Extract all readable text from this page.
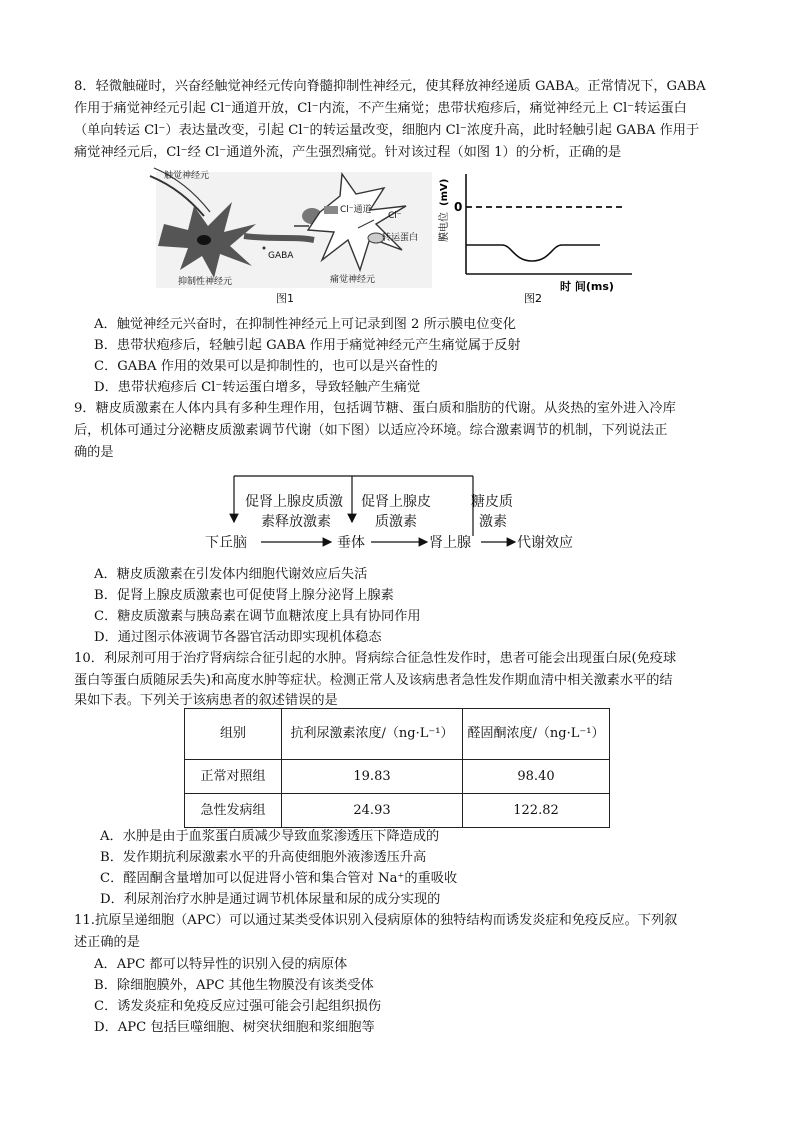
8．轻微触碰时，兴奋经触觉神经元传向脊髓抑制性神经元，使其释放神经递质 GABA。正常情况下，GABA

作用于痛觉神经元引起 Cl⁻通道开放，Cl⁻内流，不产生痛觉；患带状疱疹后，痛觉神经元上 Cl⁻转运蛋白

（单向转运 Cl⁻）表达量改变，引起 Cl⁻的转运量改变，细胞内 Cl⁻浓度升高，此时轻触引起 GABA 作用于

痛觉神经元后，Cl⁻经 Cl⁻通道外流，产生强烈痛觉。针对该过程（如图 1）的分析，正确的是

触觉神经元
抑制性神经元
GABA
Cl⁻通道
Cl⁻
转运蛋白
痛觉神经元
图1
0
膜电位
(mV)
时 间(ms)
图2

A．触觉神经元兴奋时，在抑制性神经元上可记录到图 2 所示膜电位变化

B．患带状疱疹后，轻触引起 GABA 作用于痛觉神经元产生痛觉属于反射

C．GABA 作用的效果可以是抑制性的，也可以是兴奋性的

D．患带状疱疹后 Cl⁻转运蛋白增多，导致轻触产生痛觉

9．糖皮质激素在人体内具有多种生理作用，包括调节糖、蛋白质和脂肪的代谢。从炎热的室外进入冷库

后，机体可通过分泌糖皮质激素调节代谢（如下图）以适应冷环境。综合激素调节的机制，下列说法正

确的是

下丘脑	垂体	肾上腺	代谢效应
促肾上腺皮质激
素释放激素
促肾上腺皮
质激素
糖皮质
激素

A．糖皮质激素在引发体内细胞代谢效应后失活

B．促肾上腺皮质激素也可促使肾上腺分泌肾上腺素

C．糖皮质激素与胰岛素在调节血糖浓度上具有协同作用

D．通过图示体液调节各器官活动即实现机体稳态

10．利尿剂可用于治疗肾病综合征引起的水肿。肾病综合征急性发作时，患者可能会出现蛋白尿(免疫球

蛋白等蛋白质随尿丢失)和高度水肿等症状。检测正常人及该病患者急性发作期血清中相关激素水平的结

果如下表。下列关于该病患者的叙述错误的是

组别	抗利尿激素浓度/（ng·L⁻¹）	醛固酮浓度/（ng·L⁻¹）
正常对照组	19.83	98.40
急性发病组	24.93	122.82

A．水肿是由于血浆蛋白质减少导致血浆渗透压下降造成的

B．发作期抗利尿激素水平的升高使细胞外液渗透压升高

C．醛固酮含量增加可以促进肾小管和集合管对 Na⁺的重吸收

D．利尿剂治疗水肿是通过调节机体尿量和尿的成分实现的

11.抗原呈递细胞（APC）可以通过某类受体识别入侵病原体的独特结构而诱发炎症和免疫反应。下列叙

述正确的是

A．APC 都可以特异性的识别入侵的病原体

B．除细胞膜外，APC 其他生物膜没有该类受体

C．诱发炎症和免疫反应过强可能会引起组织损伤

D．APC 包括巨噬细胞、树突状细胞和浆细胞等
